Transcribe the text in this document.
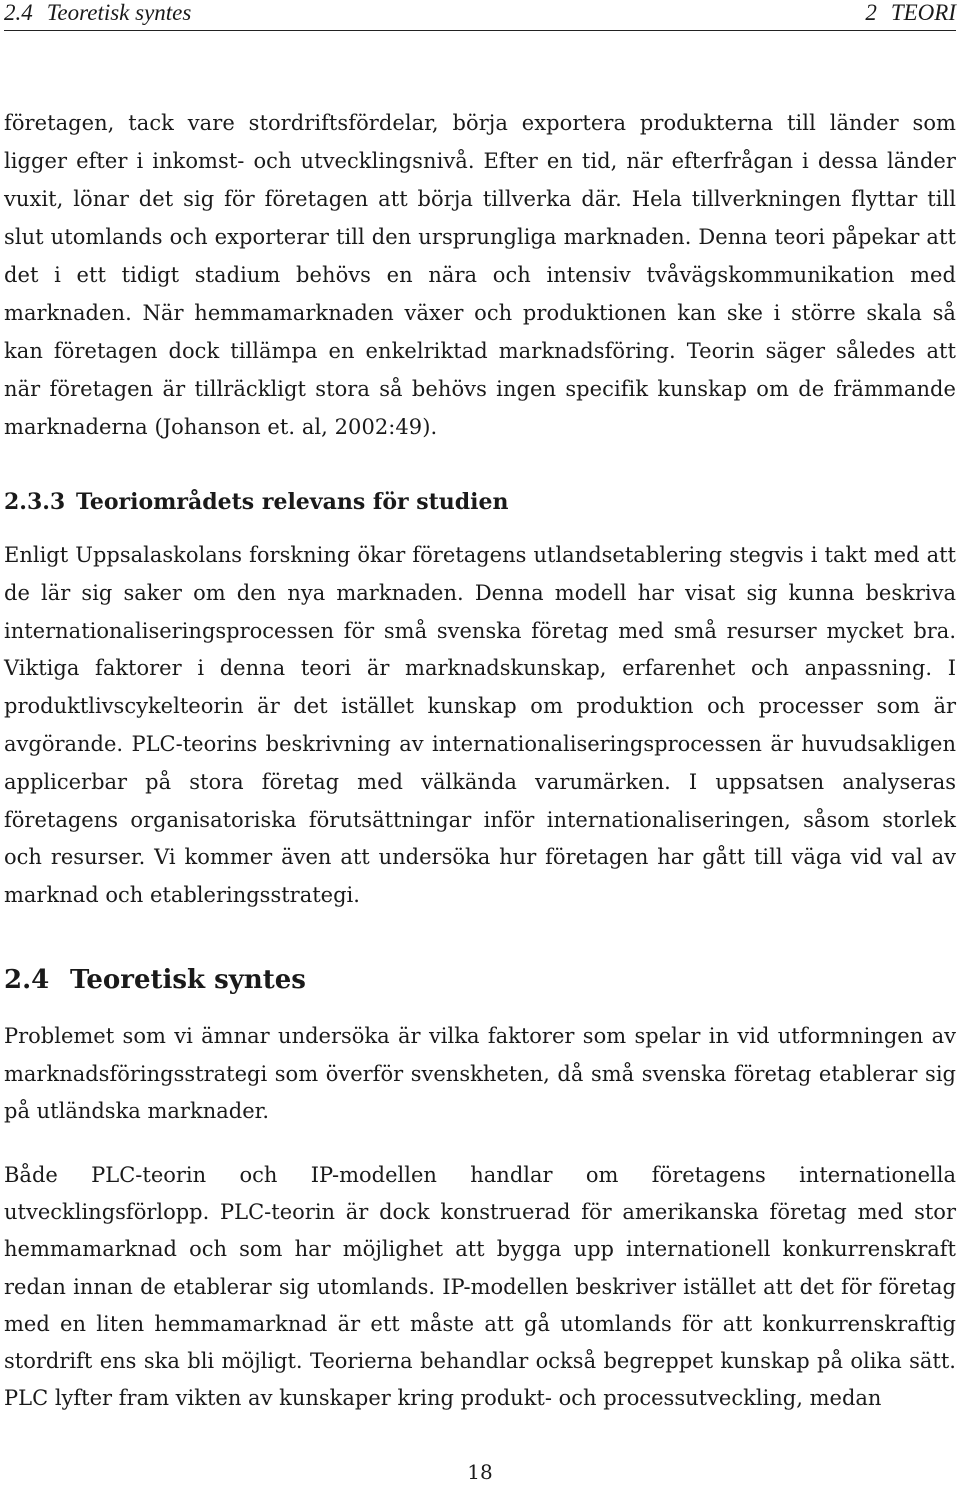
2.4 Teoretisk syntes	2 TEORI

företagen, tack vare stordriftsfördelar, börja exportera produkterna till länder som ligger efter i inkomst- och utvecklingsnivå. Efter en tid, när efterfrågan i dessa länder vuxit, lönar det sig för företagen att börja tillverka där. Hela tillverkningen flyttar till slut utomlands och exporterar till den ursprungliga marknaden. Denna teori påpekar att det i ett tidigt stadium behövs en nära och intensiv tvåvägskommunikation med marknaden. När hemmamarknaden växer och produktionen kan ske i större skala så kan företagen dock tillämpa en enkelriktad marknadsföring. Teorin säger således att när företagen är tillräckligt stora så behövs ingen specifik kunskap om de främmande marknaderna (Johanson et. al, 2002:49).

2.3.3 Teoriområdets relevans för studien

Enligt Uppsalaskolans forskning ökar företagens utlandsetablering stegvis i takt med att de lär sig saker om den nya marknaden. Denna modell har visat sig kunna beskriva internationaliseringsprocessen för små svenska företag med små resurser mycket bra. Viktiga faktorer i denna teori är marknadskunskap, erfarenhet och anpassning. I produktlivscykelteorin är det istället kunskap om produktion och processer som är avgörande. PLC-teorins beskrivning av internationaliseringsprocessen är huvudsakligen applicerbar på stora företag med välkända varumärken. I uppsatsen analyseras företagens organisatoriska förutsättningar inför internationaliseringen, såsom storlek och resurser. Vi kommer även att undersöka hur företagen har gått till väga vid val av marknad och etableringsstrategi.

2.4 Teoretisk syntes

Problemet som vi ämnar undersöka är vilka faktorer som spelar in vid utformningen av marknadsföringsstrategi som överför svenskheten, då små svenska företag etablerar sig på utländska marknader.

Både PLC-teorin och IP-modellen handlar om företagens internationella utvecklingsförlopp. PLC-teorin är dock konstruerad för amerikanska företag med stor hemmamarknad och som har möjlighet att bygga upp internationell konkurrenskraft redan innan de etablerar sig utomlands. IP-modellen beskriver istället att det för företag med en liten hemmamarknad är ett måste att gå utomlands för att konkurrenskraftig stordrift ens ska bli möjligt. Teorierna behandlar också begreppet kunskap på olika sätt. PLC lyfter fram vikten av kunskaper kring produkt- och processutveckling, medan

18
